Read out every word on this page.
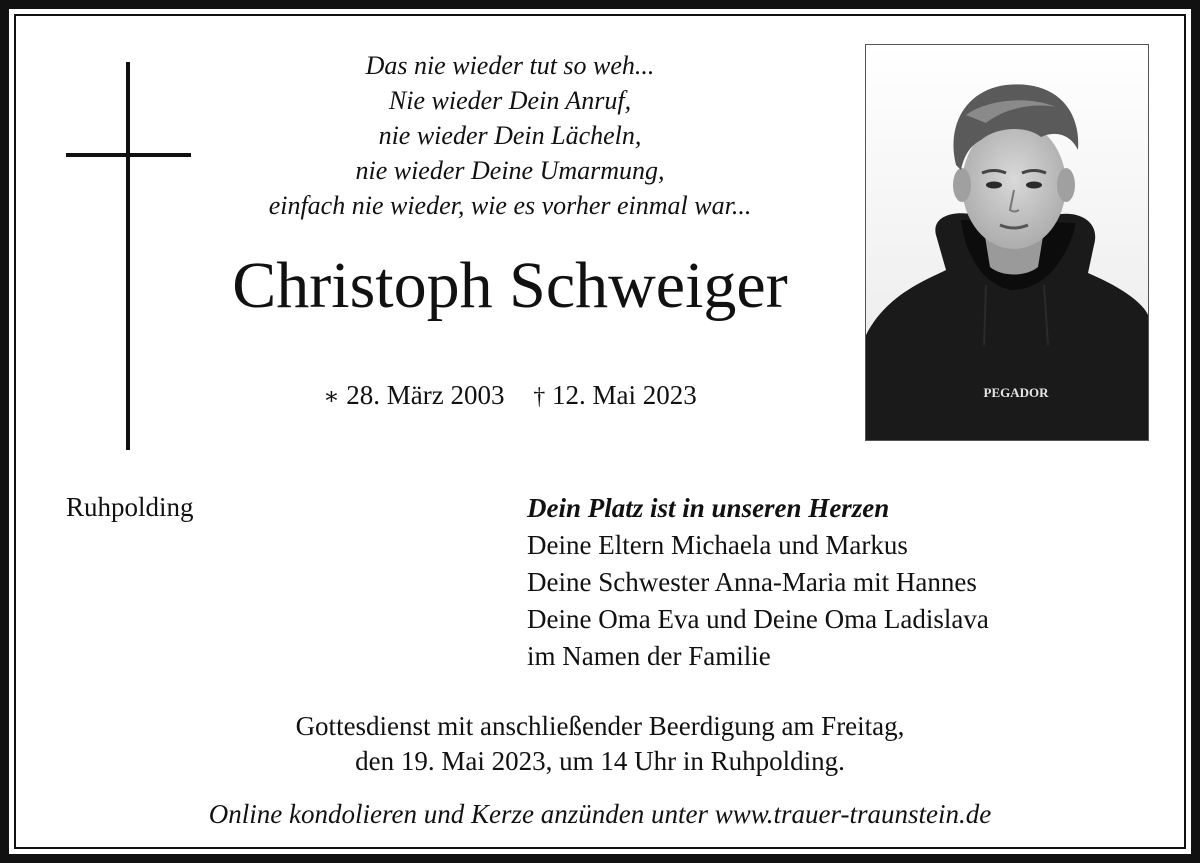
Das nie wieder tut so weh...
Nie wieder Dein Anruf,
nie wieder Dein Lächeln,
nie wieder Deine Umarmung,
einfach nie wieder, wie es vorher einmal war...
Christoph Schweiger
∗ 28. März 2003 † 12. Mai 2023	PEGADOR
Ruhpolding	Dein Platz ist in unseren Herzen
Deine Eltern Michaela und Markus
Deine Schwester Anna-Maria mit Hannes
Deine Oma Eva und Deine Oma Ladislava
im Namen der Familie
Gottesdienst mit anschließender Beerdigung am Freitag,
den 19. Mai 2023, um 14 Uhr in Ruhpolding.
Online kondolieren und Kerze anzünden unter www.trauer-traunstein.de
